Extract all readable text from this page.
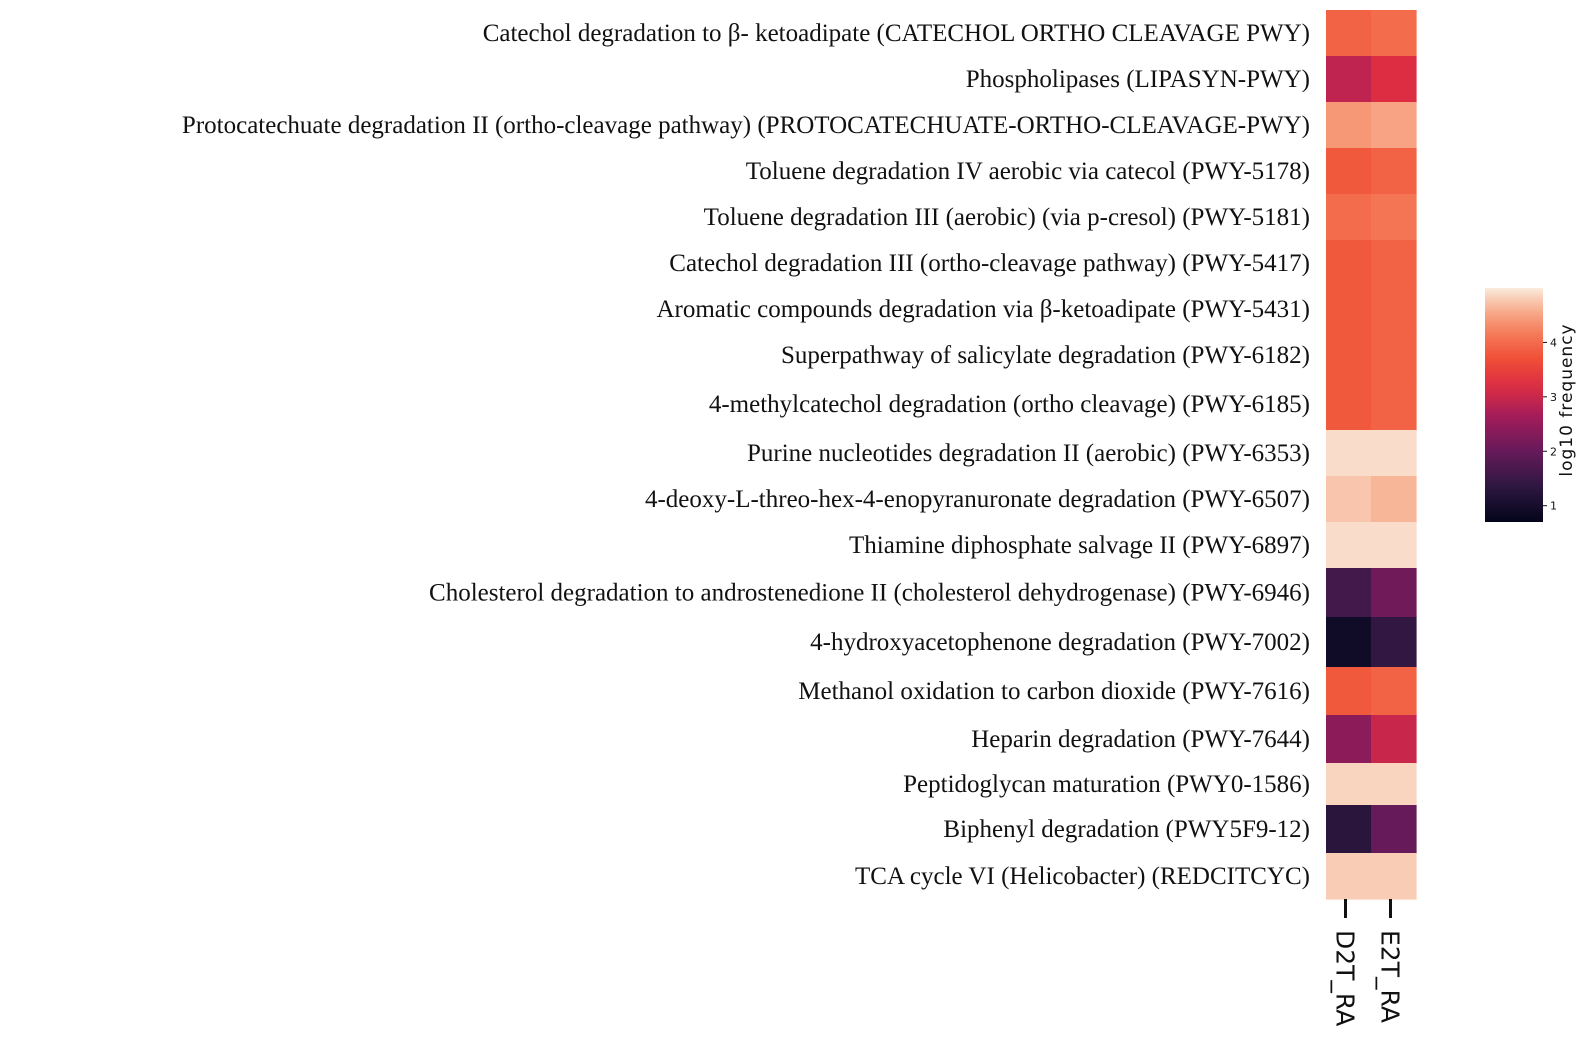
Catechol degradation to β- ketoadipate (CATECHOL ORTHO CLEAVAGE PWY)
Phospholipases (LIPASYN-PWY)
Protocatechuate degradation II (ortho-cleavage pathway) (PROTOCATECHUATE-ORTHO-CLEAVAGE-PWY)
Toluene degradation IV aerobic via catecol (PWY-5178)
Toluene degradation III (aerobic) (via p-cresol) (PWY-5181)
Catechol degradation III (ortho-cleavage pathway) (PWY-5417)
Aromatic compounds degradation via β-ketoadipate (PWY-5431)
Superpathway of salicylate degradation (PWY-6182)
4-methylcatechol degradation (ortho cleavage) (PWY-6185)
Purine nucleotides degradation II (aerobic) (PWY-6353)
4-deoxy-L-threo-hex-4-enopyranuronate degradation (PWY-6507)
Thiamine diphosphate salvage II (PWY-6897)
Cholesterol degradation to androstenedione II (cholesterol dehydrogenase) (PWY-6946)
4-hydroxyacetophenone degradation (PWY-7002)
Methanol oxidation to carbon dioxide (PWY-7616)
Heparin degradation (PWY-7644)
Peptidoglycan maturation (PWY0-1586)
Biphenyl degradation (PWY5F9-12)
TCA cycle VI (Helicobacter) (REDCITCYC)
D2T_RA E2T_RA
1
2
3
4 log10 frequency
